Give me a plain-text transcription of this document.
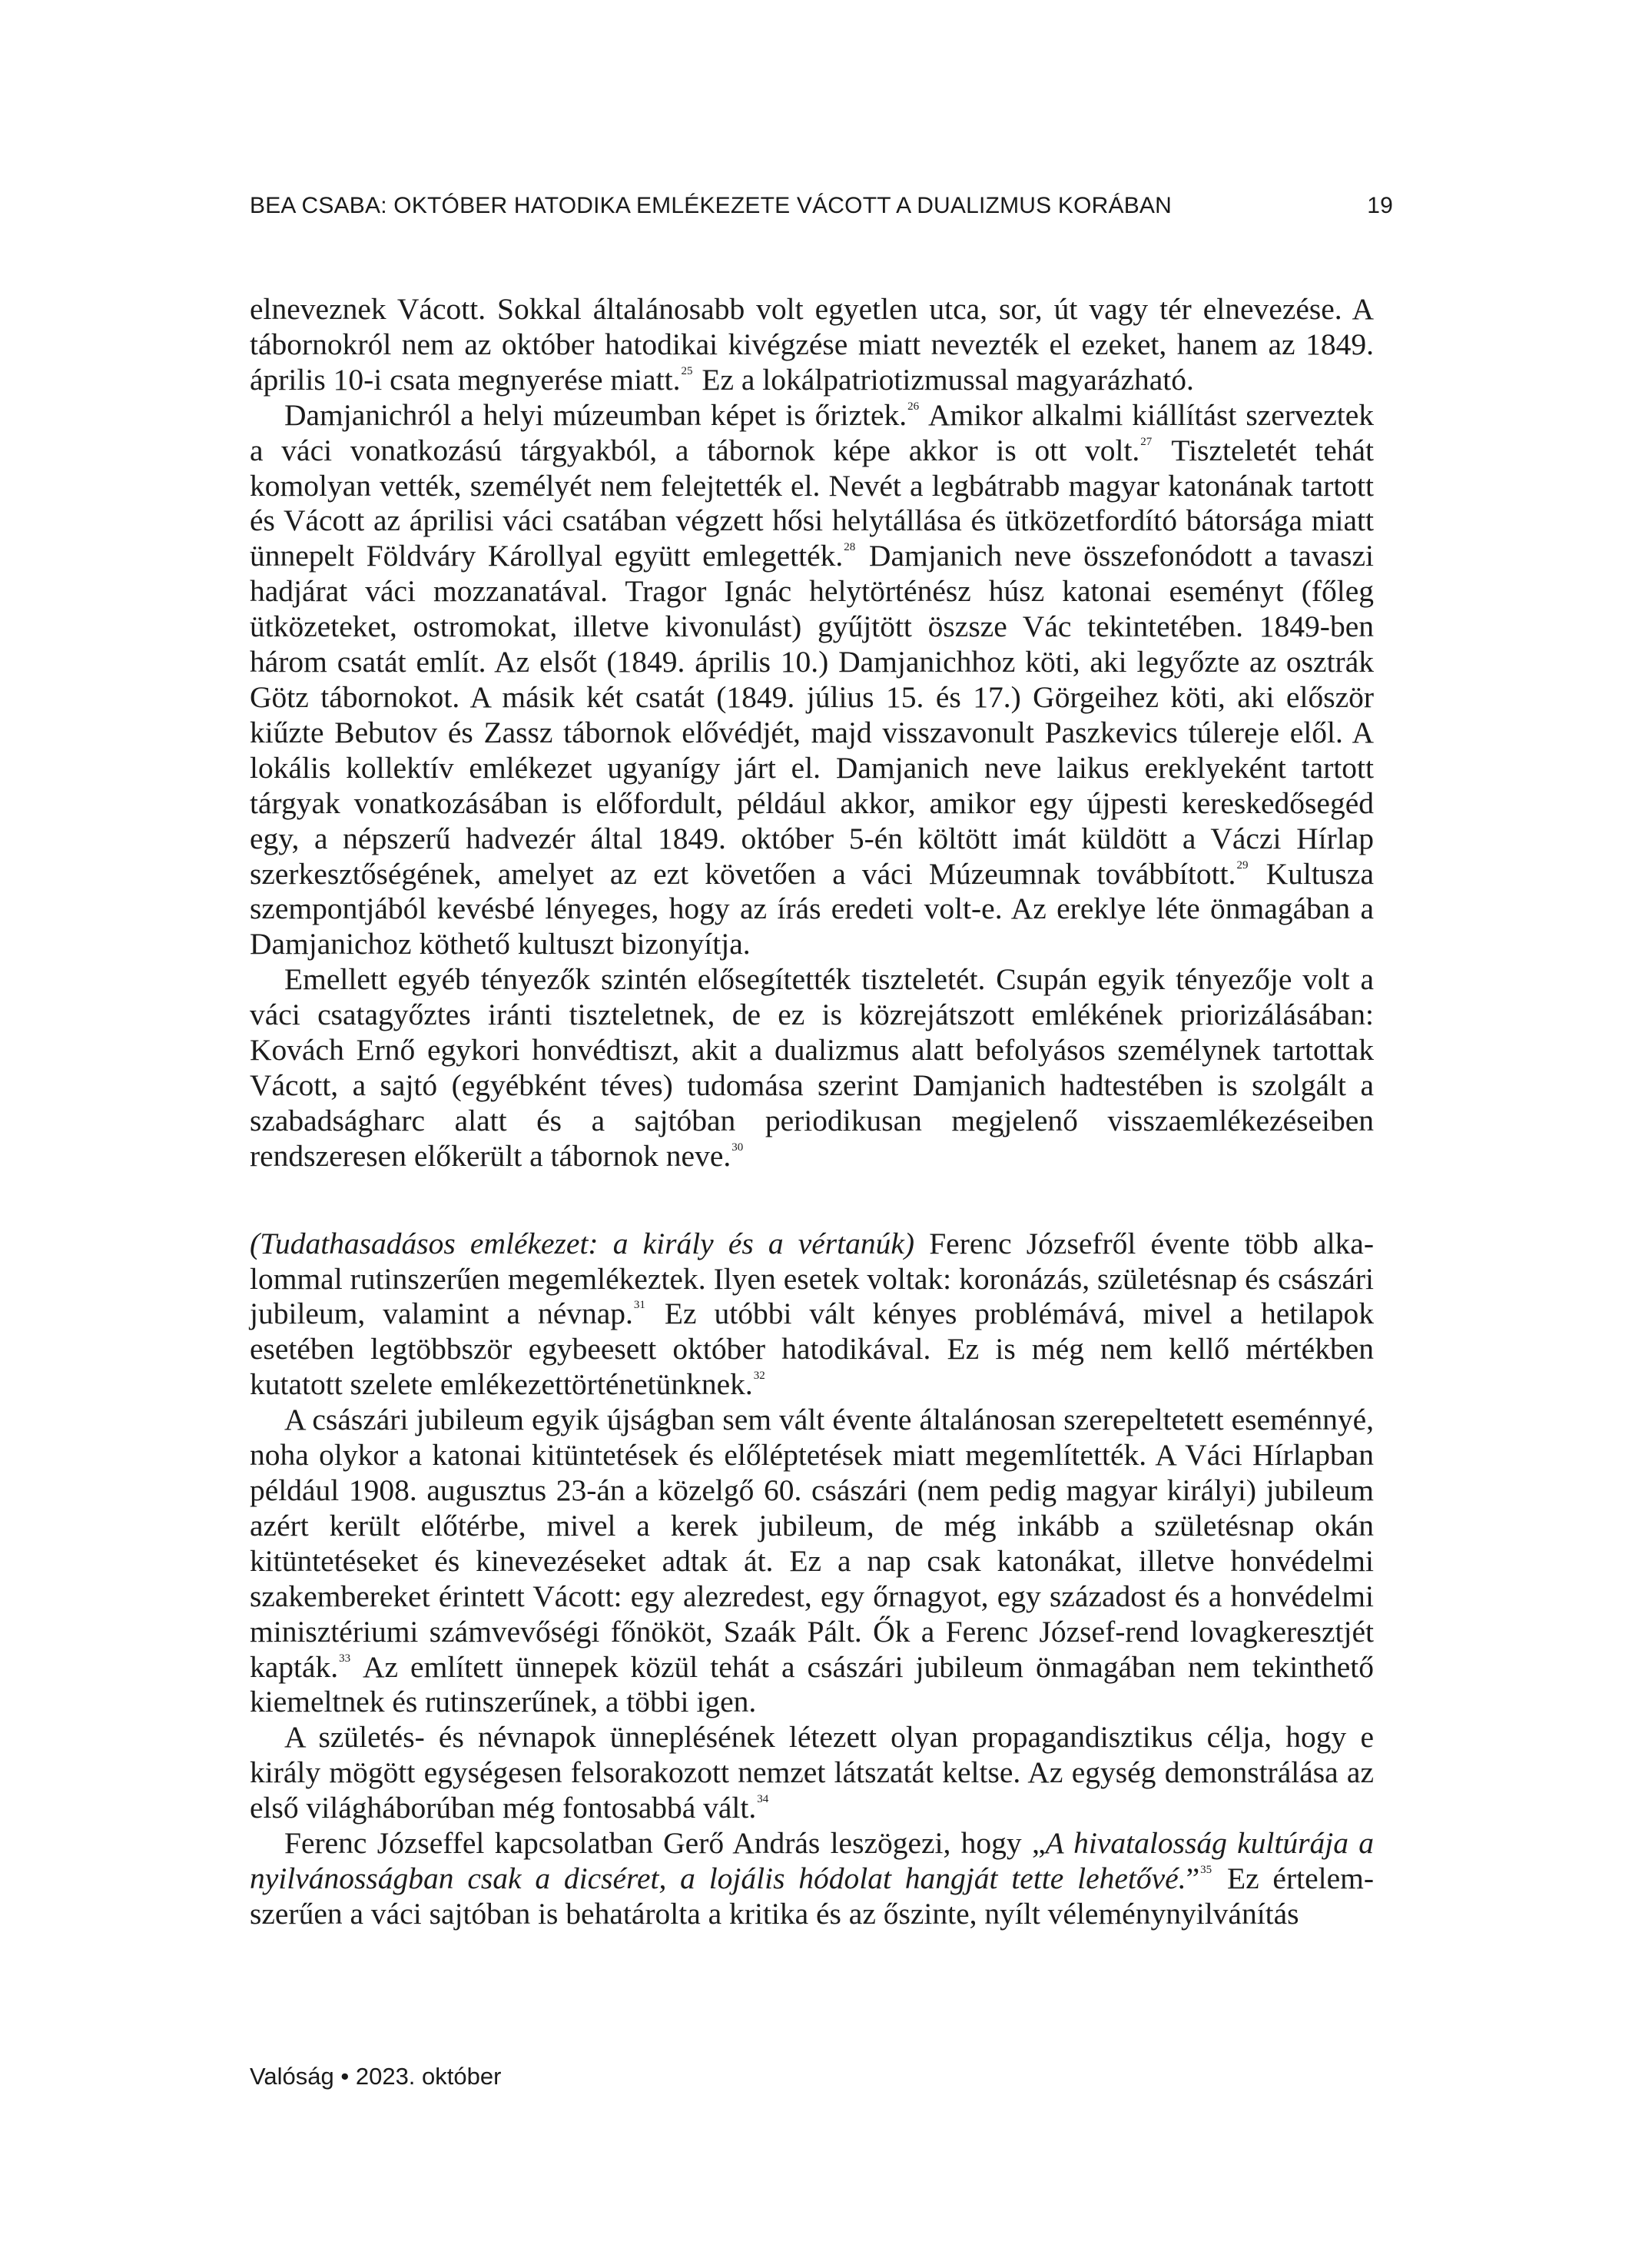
BEA CSABA: OKTÓBER HATODIKA EMLÉKEZETE VÁCOTT A DUALIZMUS KORÁBAN	19

elneveznek Vácott. Sokkal általánosabb volt egyetlen utca, sor, út vagy tér elnevezése. A tábornokról nem az október hatodikai kivégzése miatt nevezték el ezeket, hanem az 1849. április 10-i csata megnyerése miatt.$^{25}$ Ez a lokálpatriotizmussal magyarázható.

Damjanichról a helyi múzeumban képet is őriztek.$^{26}$ Amikor alkalmi kiállítást szerveztek a váci vonatkozású tárgyakból, a tábornok képe akkor is ott volt.$^{27}$ Tiszteletét tehát komolyan vették, személyét nem felejtették el. Nevét a legbátrabb magyar katonának tartott és Vácott az áprilisi váci csatában végzett hősi helytállása és ütközetfordító bátorsága miatt ünnepelt Földváry Károllyal együtt emlegették.$^{28}$ Damjanich neve összefonódott a tavaszi hadjárat váci mozzanatával. Tragor Ignác helytörténész húsz katonai eseményt (főleg ütközeteket, ostromokat, illetve kivonulást) gyűjtött öszsze Vác tekintetében. 1849-ben három csatát említ. Az elsőt (1849. április 10.) Damjanichhoz köti, aki legyőzte az osztrák Götz tábornokot. A másik két csatát (1849. július 15. és 17.) Görgeihez köti, aki először kiűzte Bebutov és Zassz tábornok elővédjét, majd visszavonult Paszkevics túlereje elől. A lokális kollektív emlékezet ugyanígy járt el. Damjanich neve laikus ereklyeként tartott tárgyak vonatkozásában is előfordult, például akkor, amikor egy újpesti kereskedősegéd egy, a népszerű hadvezér által 1849. október 5-én költött imát küldött a Váczi Hírlap szerkesztőségének, amelyet az ezt követően a váci Múzeumnak továbbított.$^{29}$ Kultusza szempontjából kevésbé lényeges, hogy az írás eredeti volt-e. Az ereklye léte önmagában a Damjanichoz köthető kultuszt bizonyítja.

Emellett egyéb tényezők szintén elősegítették tiszteletét. Csupán egyik tényezője volt a váci csatagyőztes iránti tiszteletnek, de ez is közrejátszott emlékének priorizálásában: Kovách Ernő egykori honvédtiszt, akit a dualizmus alatt befolyásos személynek tartottak Vácott, a sajtó (egyébként téves) tudomása szerint Damjanich hadtestében is szolgált a szabadságharc alatt és a sajtóban periodikusan megjelenő visszaemlékezéseiben rendszeresen előkerült a tábornok neve.$^{30}$

(Tudathasadásos emlékezet: a király és a vértanúk) Ferenc Józsefről évente több alkalommal rutinszerűen megemlékeztek. Ilyen esetek voltak: koronázás, születésnap és császári jubileum, valamint a névnap.$^{31}$ Ez utóbbi vált kényes problémává, mivel a hetilapok esetében legtöbbször egybeesett október hatodikával. Ez is még nem kellő mértékben kutatott szelete emlékezettörténetünknek.$^{32}$

A császári jubileum egyik újságban sem vált évente általánosan szerepeltetett eseménnyé, noha olykor a katonai kitüntetések és előléptetések miatt megemlítették. A Váci Hírlapban például 1908. augusztus 23-án a közelgő 60. császári (nem pedig magyar királyi) jubileum azért került előtérbe, mivel a kerek jubileum, de még inkább a születésnap okán kitüntetéseket és kinevezéseket adtak át. Ez a nap csak katonákat, illetve honvédelmi szakembereket érintett Vácott: egy alezredest, egy őrnagyot, egy századost és a honvédelmi minisztériumi számvevőségi főnököt, Szaák Pált. Ők a Ferenc József-rend lovagkeresztjét kapták.$^{33}$ Az említett ünnepek közül tehát a császári jubileum önmagában nem tekinthető kiemeltnek és rutinszerűnek, a többi igen.

A születés- és névnapok ünneplésének létezett olyan propagandisztikus célja, hogy e király mögött egységesen felsorakozott nemzet látszatát keltse. Az egység demonstrálása az első világháborúban még fontosabbá vált.$^{34}$

Ferenc Józseffel kapcsolatban Gerő András leszögezi, hogy „A hivatalosság kultúrája a nyilvánosságban csak a dicséret, a lojális hódolat hangját tette lehetővé.”$^{35}$ Ez értelemszerűen a váci sajtóban is behatárolta a kritika és az őszinte, nyílt véleménynyilvánítás

Valóság • 2023. október
